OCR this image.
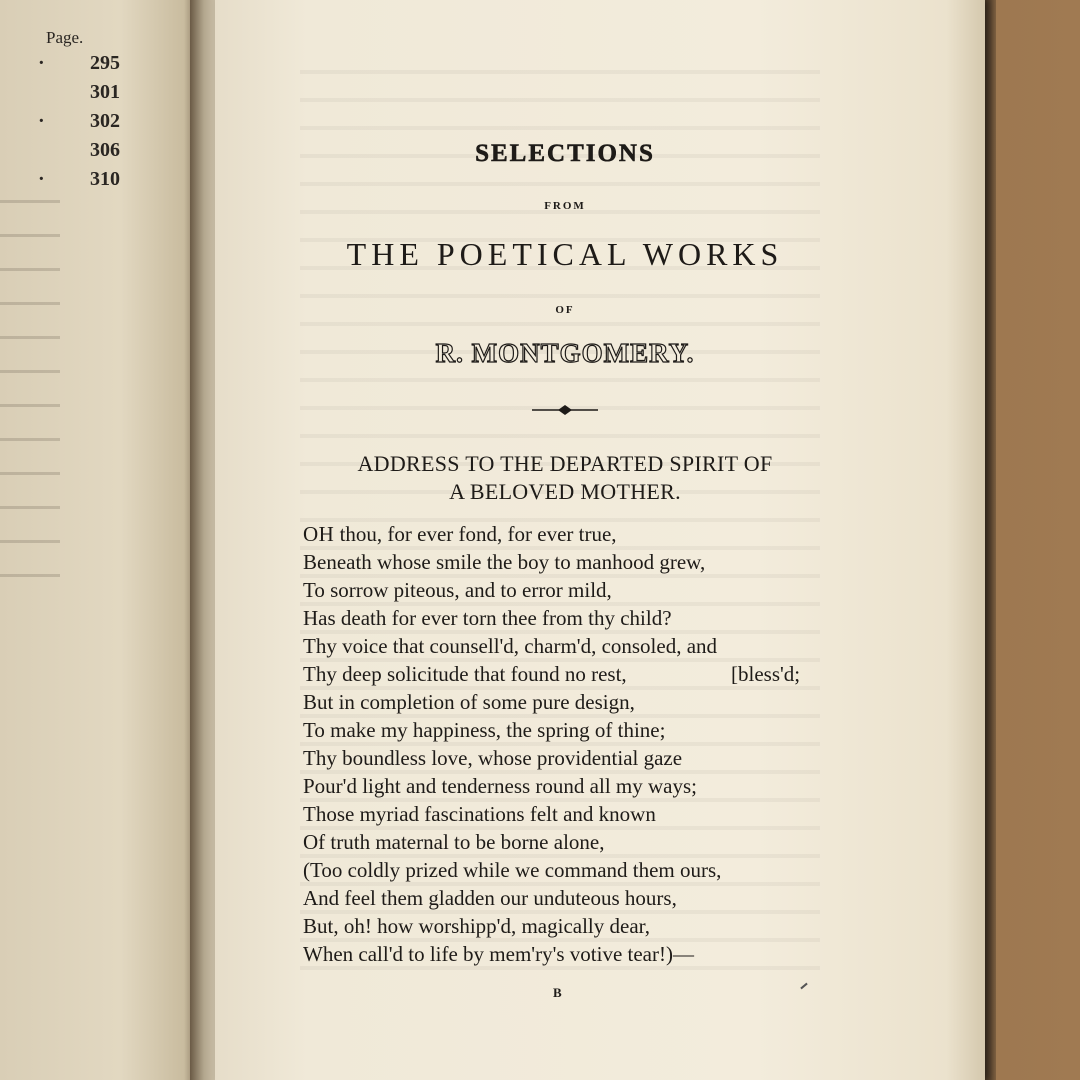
Page.
· 295
301
· 302
306
· 310
SELECTIONS
FROM
THE POETICAL WORKS
OF
R. MONTGOMERY.
ADDRESS TO THE DEPARTED SPIRIT OF
A BELOVED MOTHER.
OH thou, for ever fond, for ever true,
Beneath whose smile the boy to manhood grew,
To sorrow piteous, and to error mild,
Has death for ever torn thee from thy child?
Thy voice that counsell'd, charm'd, consoled, and
Thy deep solicitude that found no rest,	[bless'd;
But in completion of some pure design,
To make my happiness, the spring of thine;
Thy boundless love, whose providential gaze
Pour'd light and tenderness round all my ways;
Those myriad fascinations felt and known
Of truth maternal to be borne alone,
(Too coldly prized while we command them ours,
And feel them gladden our unduteous hours,
But, oh! how worshipp'd, magically dear,
When call'd to life by mem'ry's votive tear!)—
B
